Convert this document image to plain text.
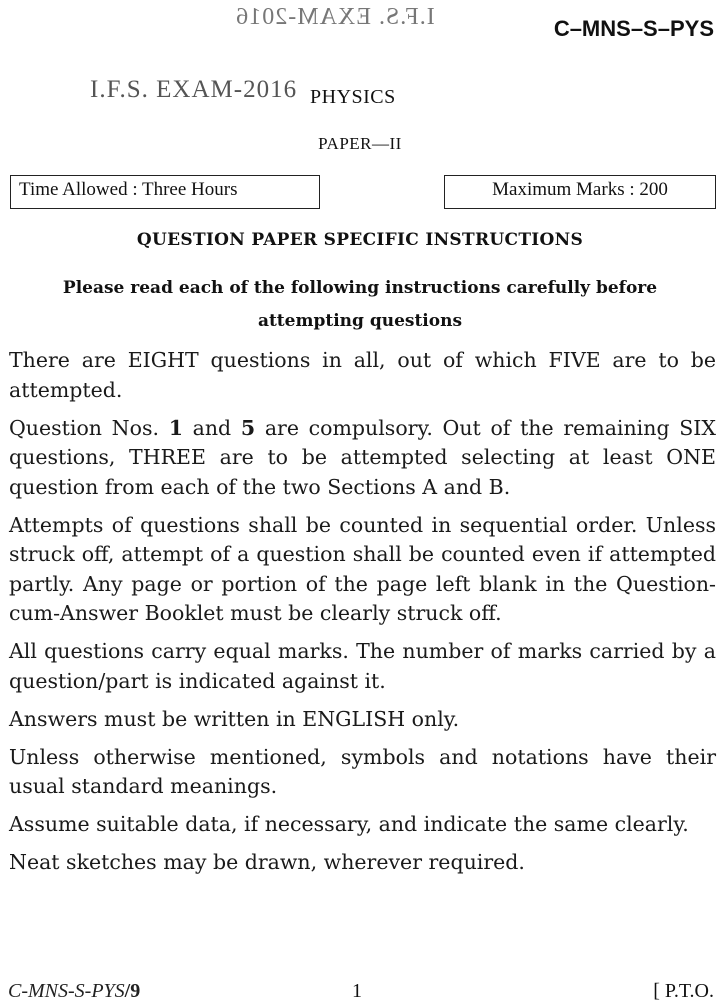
I.F.S. EXAM-2016	C–MNS–S–PYS
I.F.S. EXAM-2016 PHYSICS
PAPER—II
Time Allowed : Three Hours	Maximum Marks : 200
QUESTION PAPER SPECIFIC INSTRUCTIONS
Please read each of the following instructions carefully before attempting questions

There are EIGHT questions in all, out of which FIVE are to be attempted.

Question Nos. 1 and 5 are compulsory. Out of the remaining SIX questions, THREE are to be attempted selecting at least ONE question from each of the two Sections A and B.

Attempts of questions shall be counted in sequential order. Unless struck off, attempt of a question shall be counted even if attempted partly. Any page or portion of the page left blank in the Question-cum-Answer Booklet must be clearly struck off.

All questions carry equal marks. The number of marks carried by a question/part is indicated against it.

Answers must be written in ENGLISH only.

Unless otherwise mentioned, symbols and notations have their usual standard meanings.

Assume suitable data, if necessary, and indicate the same clearly.

Neat sketches may be drawn, wherever required.

C-MNS-S-PYS/9	1	[ P.T.O.
